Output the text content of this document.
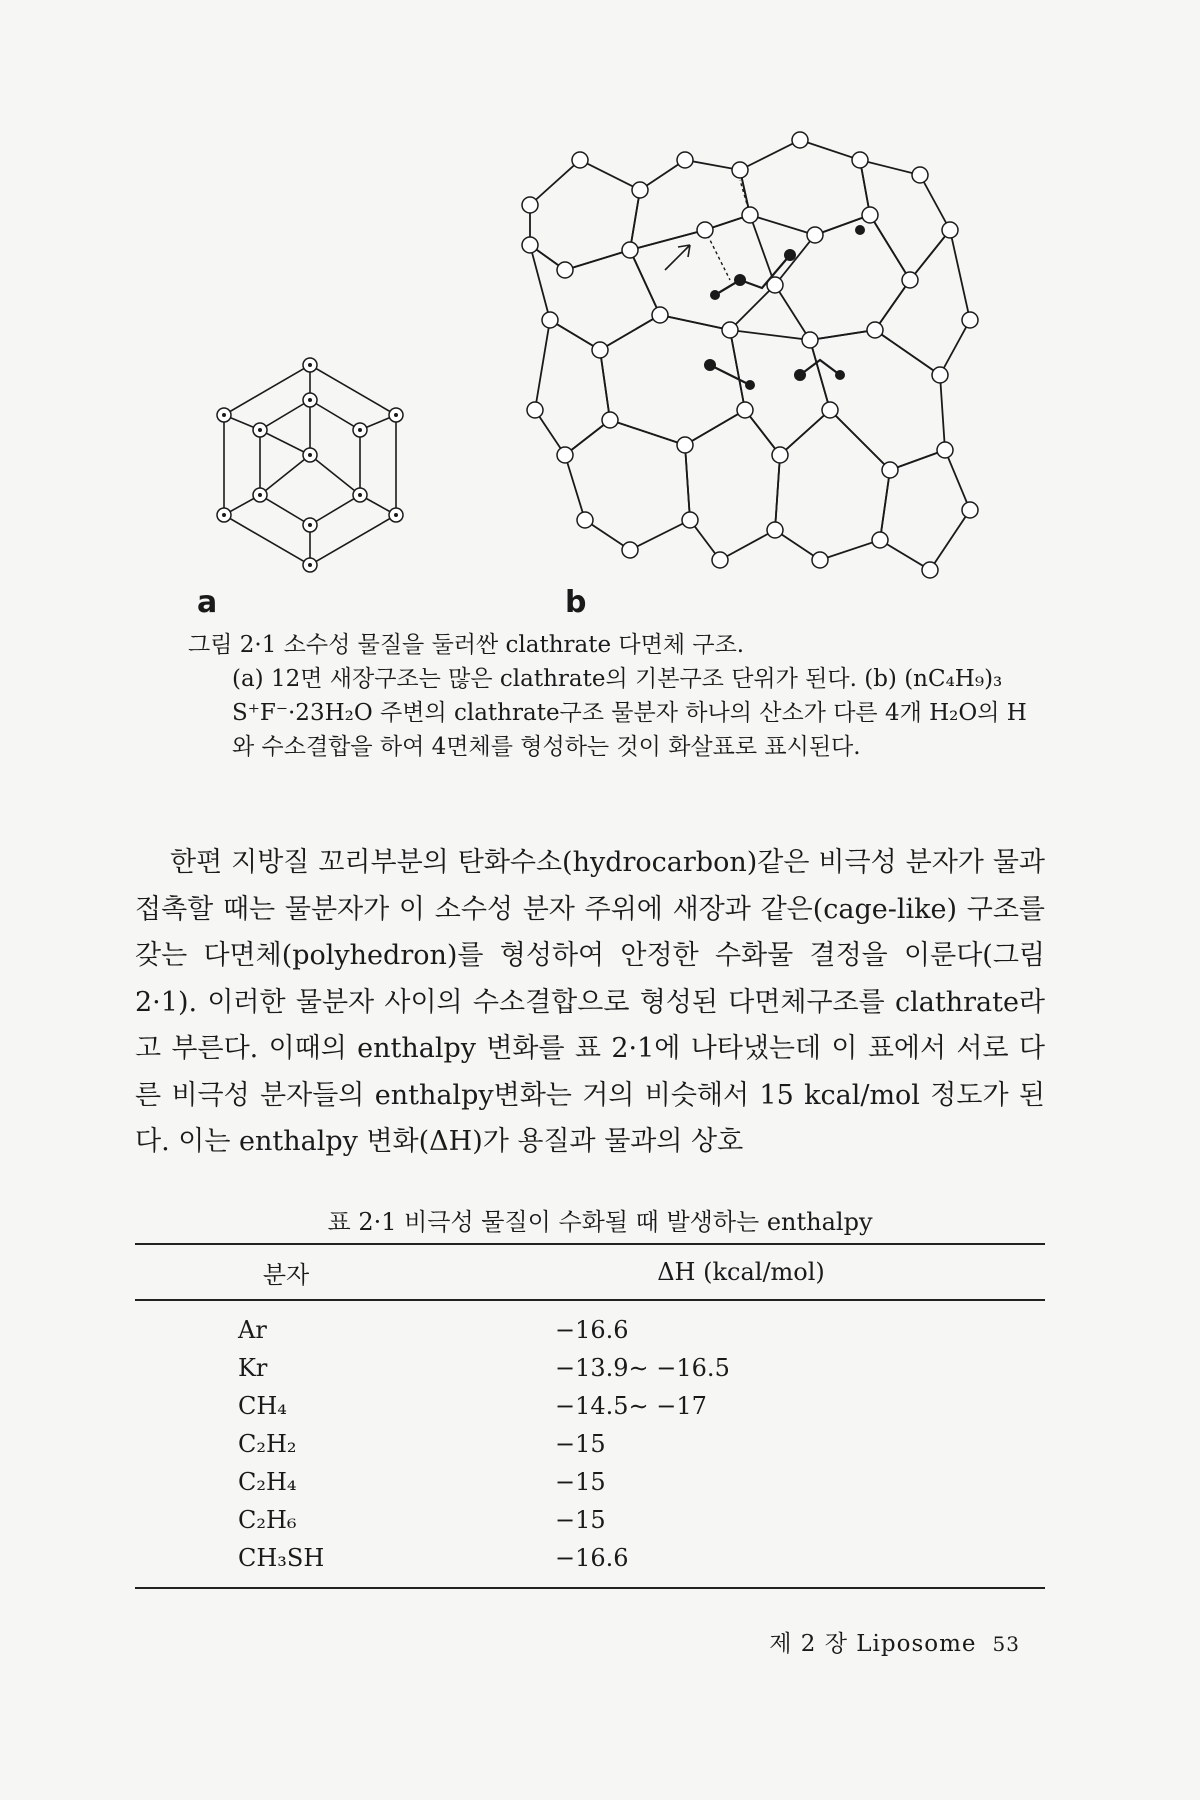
a	b
그림 2·1 소수성 물질을 둘러싼 clathrate 다면체 구조.
(a) 12면 새장구조는 많은 clathrate의 기본구조 단위가 된다. (b) (nC₄H₉)₃ S⁺F⁻·23H₂O 주변의 clathrate구조 물분자 하나의 산소가 다른 4개 H₂O의 H와 수소결합을 하여 4면체를 형성하는 것이 화살표로 표시된다.

한편 지방질 꼬리부분의 탄화수소(hydrocarbon)같은 비극성 분자가 물과 접촉할 때는 물분자가 이 소수성 분자 주위에 새장과 같은(cage-like) 구조를 갖는 다면체(polyhedron)를 형성하여 안정한 수화물 결정을 이룬다(그림 2·1). 이러한 물분자 사이의 수소결합으로 형성된 다면체구조를 clathrate라고 부른다. 이때의 enthalpy 변화를 표 2·1에 나타냈는데 이 표에서 서로 다른 비극성 분자들의 enthalpy변화는 거의 비슷해서 15 kcal/mol 정도가 된다. 이는 enthalpy 변화(ΔH)가 용질과 물과의 상호

표 2·1 비극성 물질이 수화될 때 발생하는 enthalpy
분자	ΔH (kcal/mol)
Ar	−16.6
Kr	−13.9∼ −16.5
CH₄	−14.5∼ −17
C₂H₂	−15
C₂H₄	−15
C₂H₆	−15
CH₃SH	−16.6
제 2 장 Liposome 53
